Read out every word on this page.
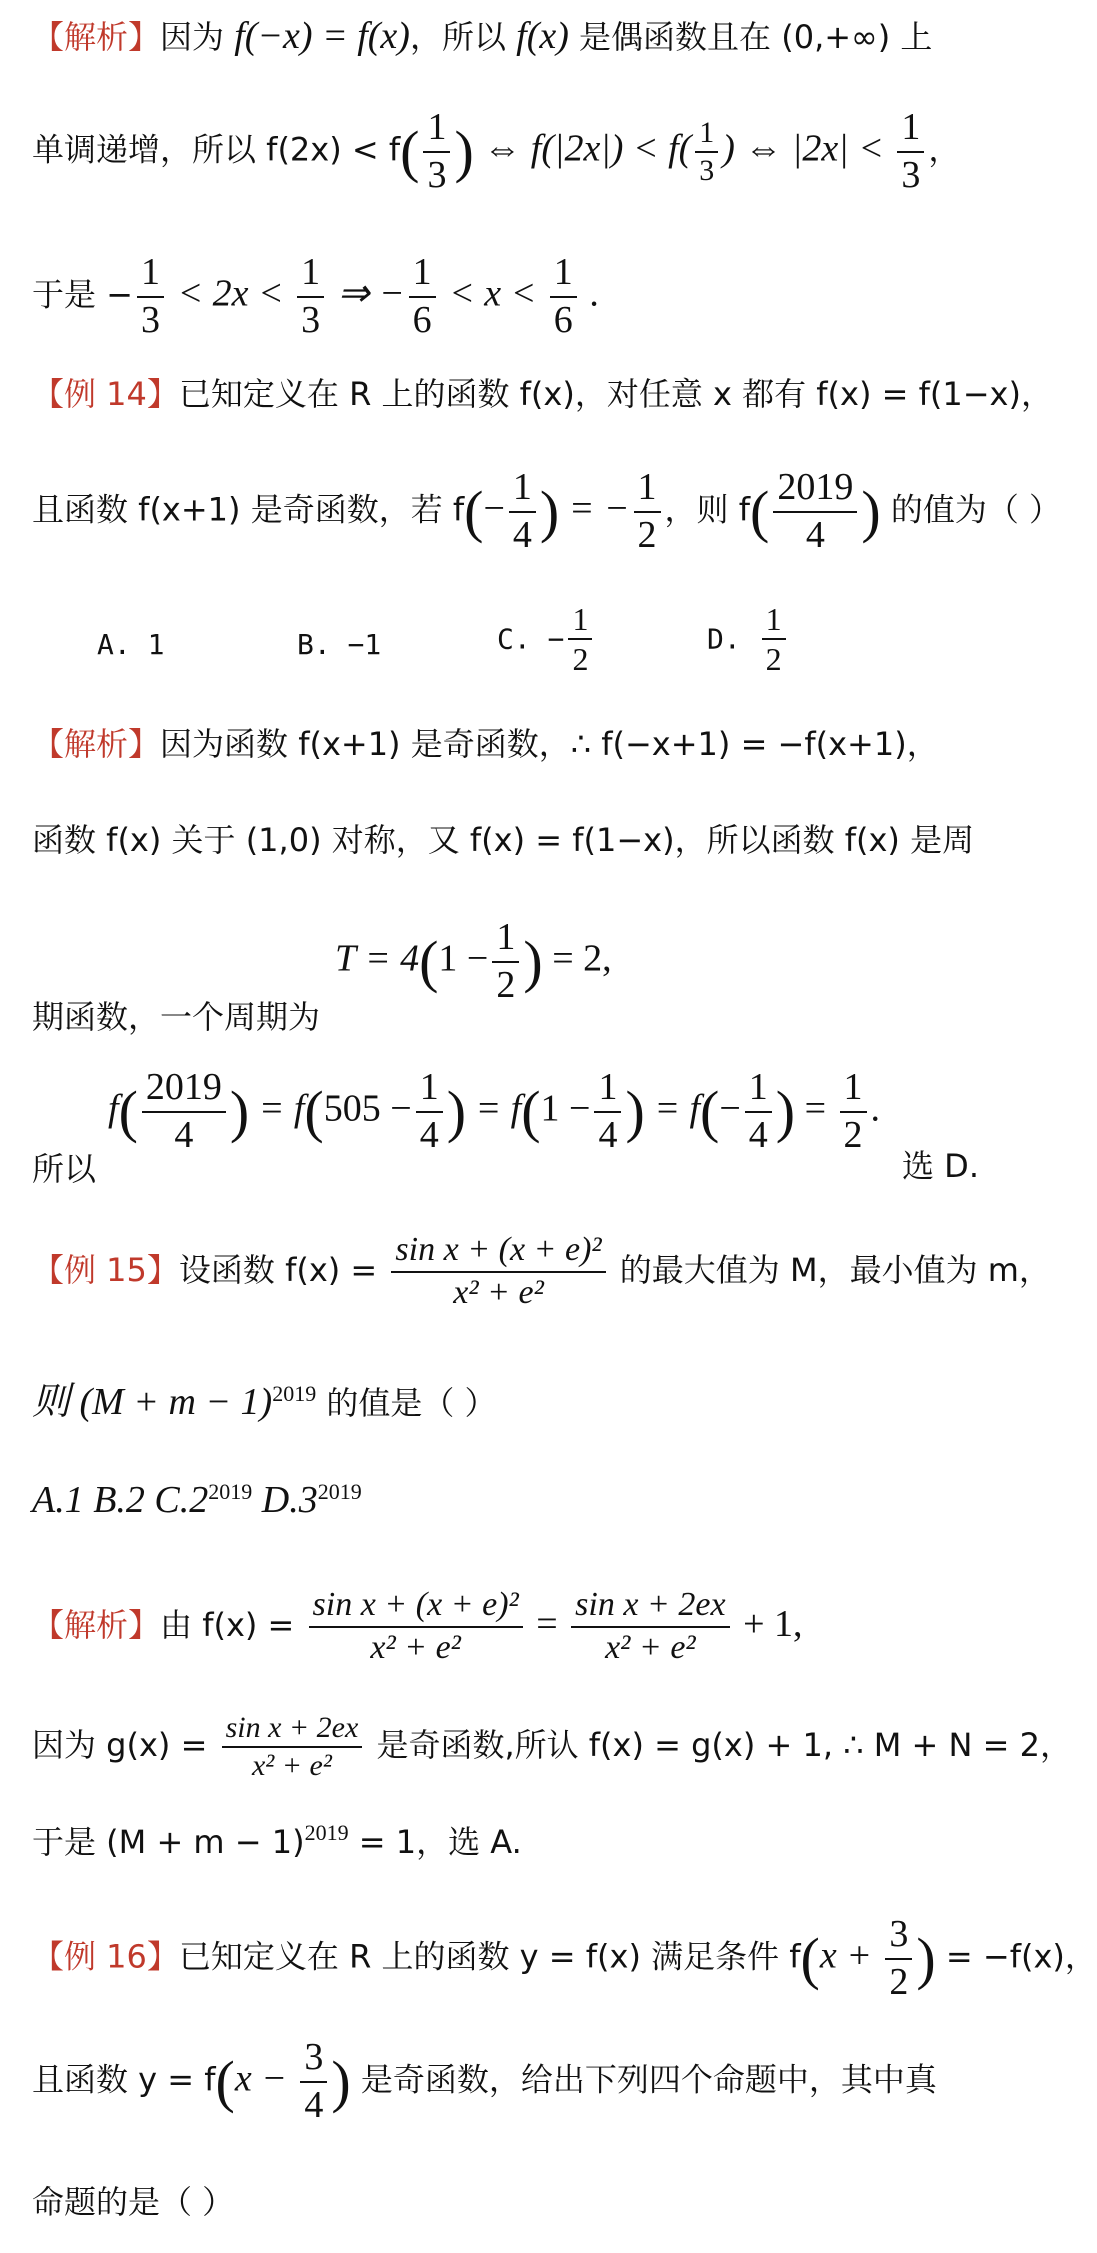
【解析】因为 f(−x) = f(x)，所以 f(x) 是偶函数且在 (0,+∞) 上
单调递增，所以 $f(2x) < f( \frac{1}{3}$ ) ⇔ $f(|2x|) < f( \frac{1}{3}$ ) ⇔ $|2x| < \frac{1}{3}$ ，
于是 − $\frac{1}{3} < 2x < \frac{1}{3}$ ⇒ − $\frac{1}{6} < x < \frac{1}{6}$ .
【例 14】已知定义在 R 上的函数 f(x)，对任意 x 都有 f(x) = f(1−x)，
且函数 f(x+1) 是奇函数，若 $f(- \frac{1}{4}$ ) = − $\frac{1}{2}$ ，则 $f( \frac{2019}{4}$ ) 的值为（ ）
A. 1	B. −1	C. − $\frac{1}{2}$	D. $\frac{1}{2}$
【解析】因为函数 f(x+1) 是奇函数，∴ f(−x+1) = −f(x+1)，
函数 f(x) 关于 (1,0) 对称，又 f(x) = f(1−x)，所以函数 f(x) 是周
$T = 4(1 - \frac{1}{2}$ ) = 2,
期函数，一个周期为
$f( \frac{2019}{4}$ ) = $f(505 - \frac{1}{4}$ ) = $f(1 - \frac{1}{4}$ ) = $f(- \frac{1}{4}$ ) = $\frac{1}{2}$ .
所以	选 D.
【例 15】设函数 $f(x) = \frac{\text{sin x + (x + e)²}}{\text{x² + e²}}$ 的最大值为 M，最小值为 m，
则 $(M + m - 1)^{2019}$ 的值是（ ）
A.1 B.2 $C.2^{2019}$ $D.3^{2019}$
【解析】由 $f(x) = \frac{\text{sin x + (x + e)²}}{\text{x² + e²}} = \frac{\text{sin x + 2ex}}{\text{x² + e²}} + 1$,
因为 $g(x) = \frac{\text{sin x + 2ex}}{\text{x² + e²}}$ 是奇函数,所认 f(x) = g(x) + 1, ∴ M + N = 2，
于是 $(M + m - 1)^{2019} = 1$，选 A.
【例 16】已知定义在 R 上的函数 y = f(x) 满足条件 $f(x + \frac{3}{2}$ ) = −f(x)，
且函数 $y = f(x - \frac{3}{4}$ ) 是奇函数，给出下列四个命题中，其中真
命题的是（ ）
